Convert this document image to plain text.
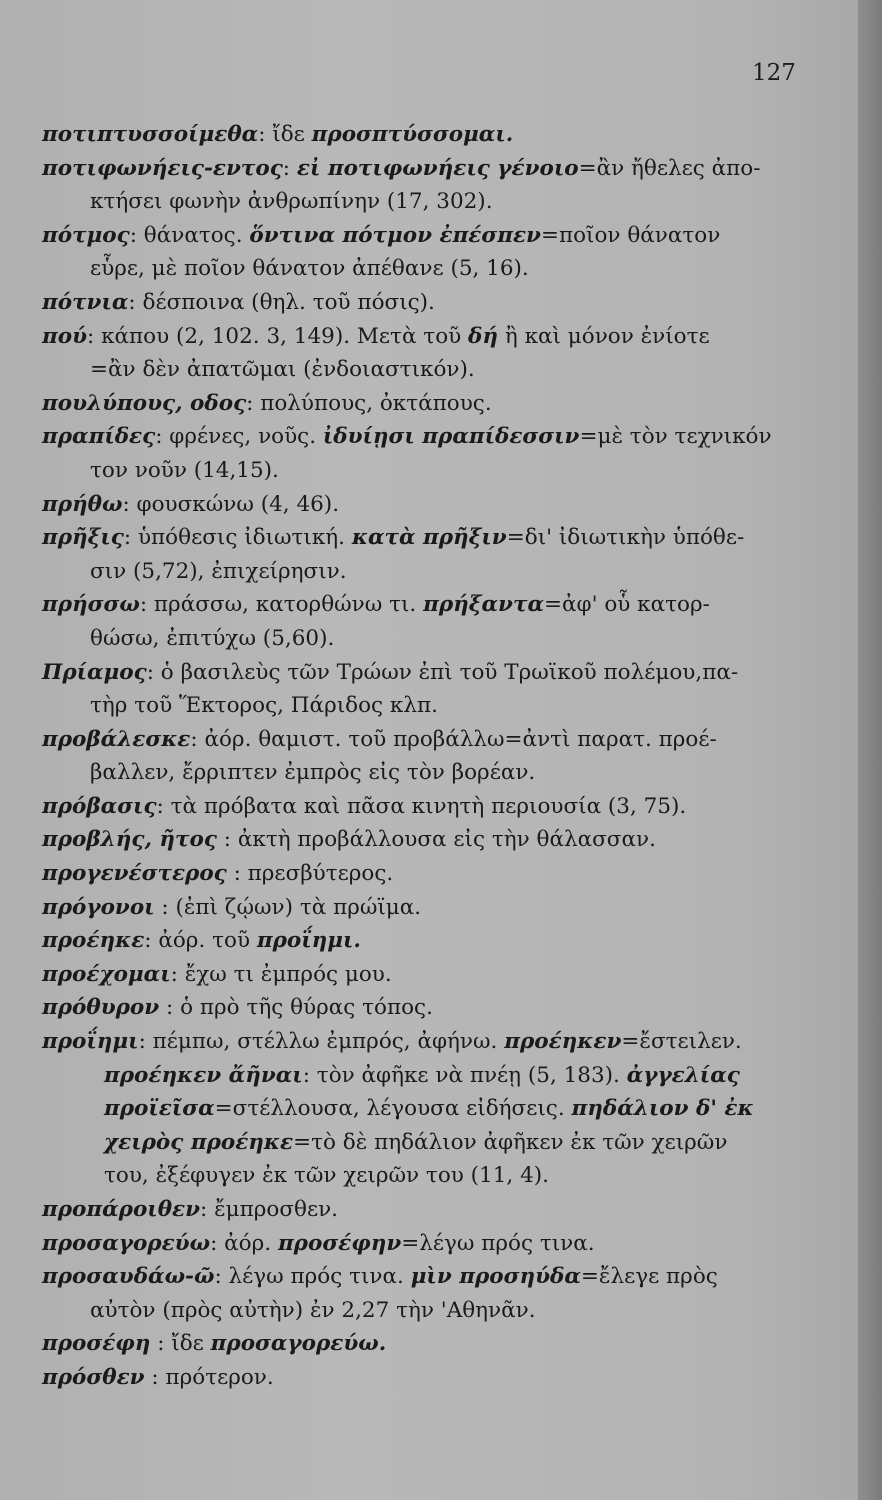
127

ποτιπτυσσοίμεθα: ἴδε προσπτύσσομαι.

ποτιφωνήεις-εντος: εἰ ποτιφωνήεις γένοιο=ἂν ἤθελες ἀπο-

κτήσει φωνὴν ἀνθρωπίνην (17, 302).

πότμος: θάνατος. ὅντινα πότμον ἐπέσπεν=ποῖον θάνατον

εὗρε, μὲ ποῖον θάνατον ἀπέθανε (5, 16).

πότνια: δέσποινα (θηλ. τοῦ πόσις).

πού: κάπου (2, 102. 3, 149). Μετὰ τοῦ δή ἢ καὶ μόνον ἐνίοτε

=ἂν δὲν ἀπατῶμαι (ἐνδοιαστικόν).

πουλύπους, οδος: πολύπους, ὀκτάπους.

πραπίδες: φρένες, νοῦς. ἰδυίῃσι πραπίδεσσιν=μὲ τὸν τεχνικόν

τον νοῦν (14,15).

πρήθω: φουσκώνω (4, 46).

πρῆξις: ὑπόθεσις ἰδιωτική. κατὰ πρῆξιν=δι' ἰδιωτικὴν ὑπόθε-

σιν (5,72), ἐπιχείρησιν.

πρήσσω: πράσσω, κατορθώνω τι. πρήξαντα=ἀφ' οὗ κατορ-

θώσω, ἐπιτύχω (5,60).

Πρίαμος: ὁ βασιλεὺς τῶν Τρώων ἐπὶ τοῦ Τρωϊκοῦ πολέμου,πα-

τὴρ τοῦ Ἕκτορος, Πάριδος κλπ.

προβάλεσκε: ἀόρ. θαμιστ. τοῦ προβάλλω=ἀντὶ παρατ. προέ-

βαλλεν, ἔρριπτεν ἐμπρὸς εἰς τὸν βορέαν.

πρόβασις: τὰ πρόβατα καὶ πᾶσα κινητὴ περιουσία (3, 75).

προβλής, ῆτος : ἀκτὴ προβάλλουσα εἰς τὴν θάλασσαν.

προγενέστερος : πρεσβύτερος.

πρόγονοι : (ἐπὶ ζῴων) τὰ πρώϊμα.

προέηκε: ἀόρ. τοῦ προΐημι.

προέχομαι: ἔχω τι ἐμπρός μου.

πρόθυρον : ὁ πρὸ τῆς θύρας τόπος.

προΐημι: πέμπω, στέλλω ἐμπρός, ἀφήνω. προέηκεν=ἔστειλεν.

προέηκεν ἄῆναι: τὸν ἀφῆκε νὰ πνέῃ (5, 183). ἀγγελίας

προϊεῖσα=στέλλουσα, λέγουσα εἰδήσεις. πηδάλιον δ' ἐκ

χειρὸς προέηκε=τὸ δὲ πηδάλιον ἀφῆκεν ἐκ τῶν χειρῶν

του, ἐξέφυγεν ἐκ τῶν χειρῶν του (11, 4).

προπάροιθεν: ἔμπροσθεν.

προσαγορεύω: ἀόρ. προσέφην=λέγω πρός τινα.

προσαυδάω-ῶ: λέγω πρός τινα. μὶν προσηύδα=ἔλεγε πρὸς

αὐτὸν (πρὸς αὐτὴν) ἐν 2,27 τὴν 'Αθηνᾶν.

προσέφη : ἴδε προσαγορεύω.

πρόσθεν : πρότερον.
